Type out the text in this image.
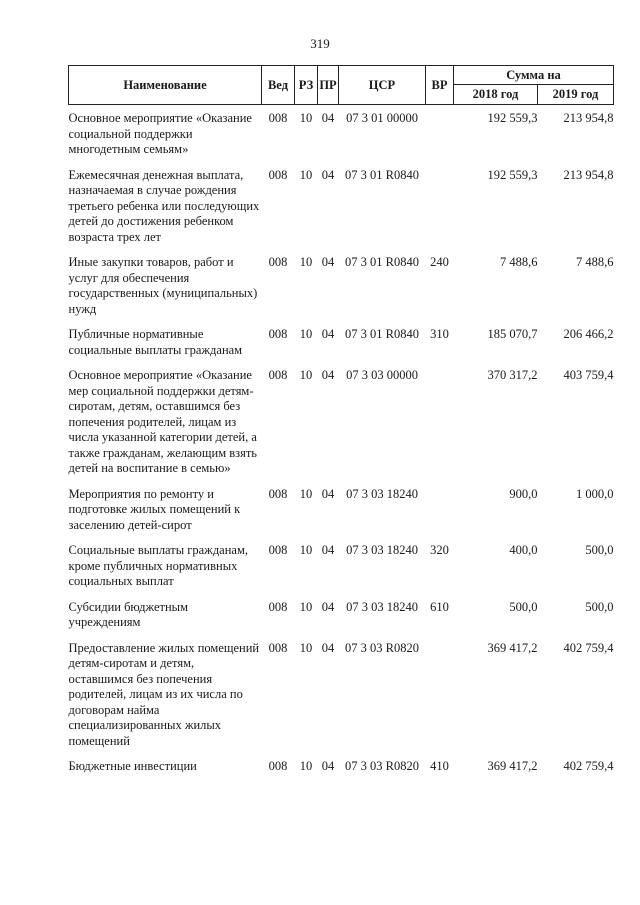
319
Наименование	Вед	РЗ	ПР	ЦСР	ВР	Сумма на	
						2018 год	2019 год
Основное мероприятие «Оказание социальной поддержки многодетным семьям»	008	10	04	07 3 01 00000		192 559,3	213 954,8
Ежемесячная денежная выплата, назначаемая в случае рождения третьего ребенка или последующих детей до достижения ребенком возраста трех лет	008	10	04	07 3 01 R0840		192 559,3	213 954,8
Иные закупки товаров, работ и услуг для обеспечения государственных (муниципальных) нужд	008	10	04	07 3 01 R0840	240	7 488,6	7 488,6
Публичные нормативные социальные выплаты гражданам	008	10	04	07 3 01 R0840	310	185 070,7	206 466,2
Основное мероприятие «Оказание мер социальной поддержки детям-сиротам, детям, оставшимся без попечения родителей, лицам из числа указанной категории детей, а также гражданам, желающим взять детей на воспитание в семью»	008	10	04	07 3 03 00000		370 317,2	403 759,4
Мероприятия по ремонту и подготовке жилых помещений к заселению детей-сирот	008	10	04	07 3 03 18240		900,0	1 000,0
Социальные выплаты гражданам, кроме публичных нормативных социальных выплат	008	10	04	07 3 03 18240	320	400,0	500,0
Субсидии бюджетным учреждениям	008	10	04	07 3 03 18240	610	500,0	500,0
Предоставление жилых помещений детям-сиротам и детям, оставшимся без попечения родителей, лицам из их числа по договорам найма специализированных жилых помещений	008	10	04	07 3 03 R0820		369 417,2	402 759,4
Бюджетные инвестиции	008	10	04	07 3 03 R0820	410	369 417,2	402 759,4
